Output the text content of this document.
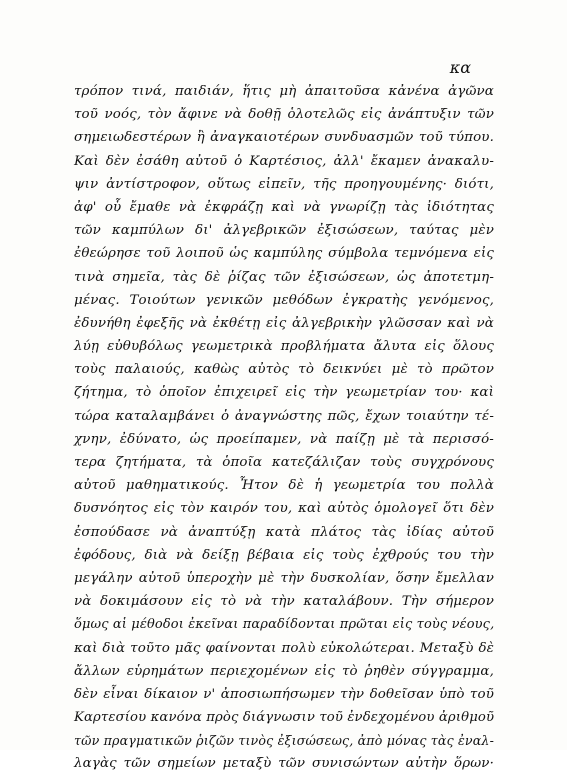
κα
τρόπον τινά, παιδιάν, ἥτις μὴ ἀπαιτοῦσα κἀνένα ἀγῶνα
τοῦ νοός, τὸν ἄφινε νὰ δοθῇ ὁλοτελῶς εἰς ἀνάπτυξιν τῶν
σημειωδεστέρων ἢ ἀναγκαιοτέρων συνδυασμῶν τοῦ τύπου.
Καὶ δὲν ἐσάθη αὐτοῦ ὁ Καρτέσιος, ἀλλ' ἔκαμεν ἀνακαλυ-
ψιν ἀντίστροφον, οὕτως εἰπεῖν, τῆς προηγουμένης· διότι,
ἀφ' οὗ ἔμαθε νὰ ἐκφράζῃ καὶ νὰ γνωρίζῃ τὰς ἰδιότητας
τῶν καμπύλων δι' ἀλγεβρικῶν ἐξισώσεων, ταύτας μὲν
ἐθεώρησε τοῦ λοιποῦ ὡς καμπύλης σύμβολα τεμνόμενα εἰς
τινὰ σημεῖα, τὰς δὲ ῥίζας τῶν ἐξισώσεων, ὡς ἀποτετμη-
μένας. Τοιούτων γενικῶν μεθόδων ἐγκρατὴς γενόμενος,
ἐδυνήθη ἐφεξῆς νὰ ἐκθέτῃ εἰς ἀλγεβρικὴν γλῶσσαν καὶ νὰ
λύῃ εὐθυβόλως γεωμετρικὰ προβλήματα ἄλυτα εἰς ὅλους
τοὺς παλαιούς, καθὼς αὐτὸς τὸ δεικνύει μὲ τὸ πρῶτον
ζήτημα, τὸ ὁποῖον ἐπιχειρεῖ εἰς τὴν γεωμετρίαν του· καὶ
τώρα καταλαμβάνει ὁ ἀναγνώστης πῶς, ἔχων τοιαύτην τέ-
χνην, ἐδύνατο, ὡς προείπαμεν, νὰ παίζῃ μὲ τὰ περισσό-
τερα ζητήματα, τὰ ὁποῖα κατεζάλιζαν τοὺς συγχρόνους
αὐτοῦ μαθηματικούς. Ἦτον δὲ ἡ γεωμετρία του πολλὰ
δυσνόητος εἰς τὸν καιρόν του, καὶ αὐτὸς ὁμολογεῖ ὅτι δὲν
ἐσπούδασε νὰ ἀναπτύξῃ κατὰ πλάτος τὰς ἰδίας αὐτοῦ
ἐφόδους, διὰ νὰ δείξῃ βέβαια εἰς τοὺς ἐχθρούς του τὴν
μεγάλην αὐτοῦ ὑπεροχὴν μὲ τὴν δυσκολίαν, ὅσην ἔμελλαν
νὰ δοκιμάσουν εἰς τὸ νὰ τὴν καταλάβουν. Τὴν σήμερον
ὅμως αἱ μέθοδοι ἐκεῖναι παραδίδονται πρῶται εἰς τοὺς νέους,
καὶ διὰ τοῦτο μᾶς φαίνονται πολὺ εὐκολώτεραι. Μεταξὺ δὲ
ἄλλων εὑρημάτων περιεχομένων εἰς τὸ ῥηθὲν σύγγραμμα,
δὲν εἶναι δίκαιον ν' ἀποσιωπήσωμεν τὴν δοθεῖσαν ὑπὸ τοῦ
Καρτεσίου κανόνα πρὸς διάγνωσιν τοῦ ἐνδεχομένου ἀριθμοῦ
τῶν πραγματικῶν ῥιζῶν τινὸς ἐξισώσεως, ἀπὸ μόνας τὰς ἐναλ-
λαγὰς τῶν σημείων μεταξὺ τῶν συνισώντων αὐτὴν ὅρων·
